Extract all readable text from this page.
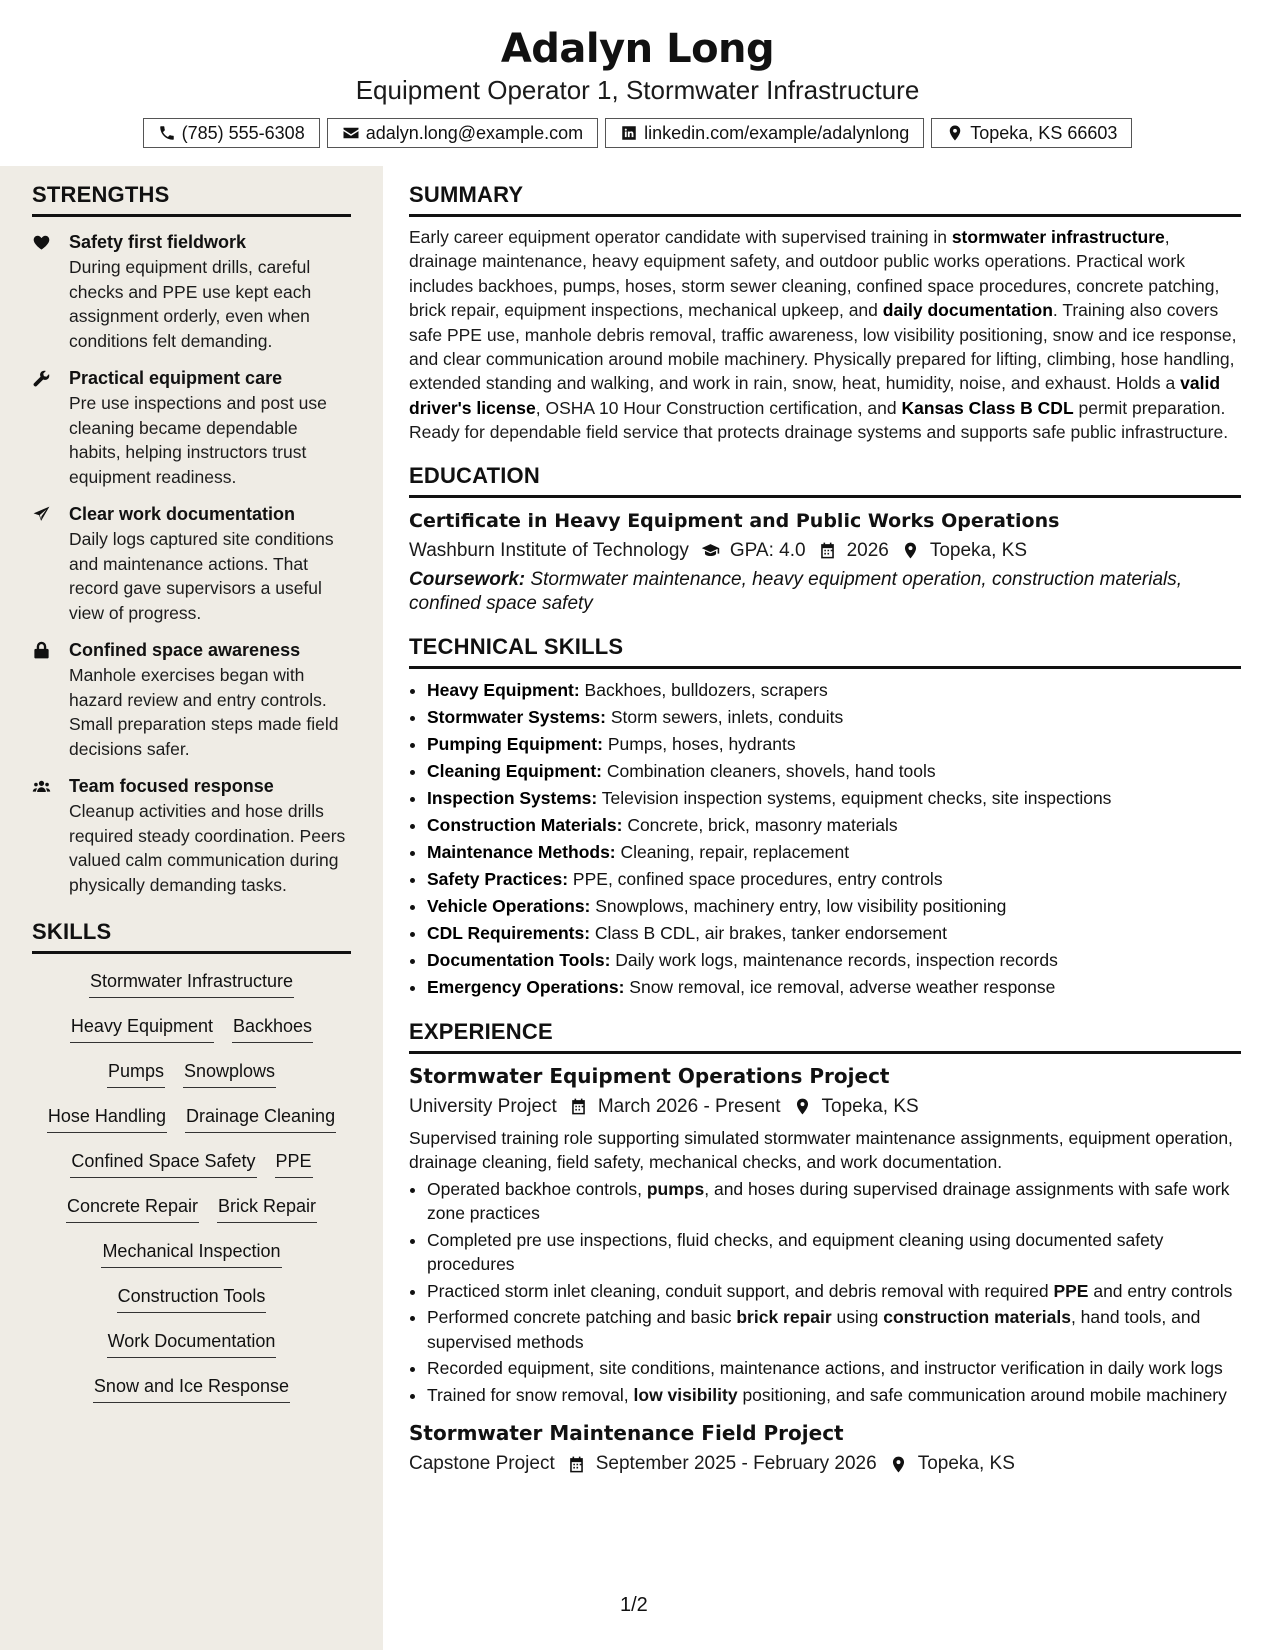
Adalyn Long
Equipment Operator 1, Stormwater Infrastructure
(785) 555-6308	adalyn.long@example.com	linkedin.com/example/adalynlong	Topeka, KS 66603
STRENGTHS
Safety first fieldwork
During equipment drills, careful checks and PPE use kept each assignment orderly, even when conditions felt demanding.
Practical equipment care
Pre use inspections and post use cleaning became dependable habits, helping instructors trust equipment readiness.
Clear work documentation
Daily logs captured site conditions and maintenance actions. That record gave supervisors a useful view of progress.
Confined space awareness
Manhole exercises began with hazard review and entry controls. Small preparation steps made field decisions safer.
Team focused response
Cleanup activities and hose drills required steady coordination. Peers valued calm communication during physically demanding tasks.
SKILLS
Stormwater Infrastructure
Heavy Equipment Backhoes
Pumps Snowplows
Hose Handling Drainage Cleaning
Confined Space Safety PPE
Concrete Repair Brick Repair
Mechanical Inspection
Construction Tools
Work Documentation
Snow and Ice Response
SUMMARY
Early career equipment operator candidate with supervised training in stormwater infrastructure, drainage maintenance, heavy equipment safety, and outdoor public works operations. Practical work includes backhoes, pumps, hoses, storm sewer cleaning, confined space procedures, concrete patching, brick repair, equipment inspections, mechanical upkeep, and daily documentation. Training also covers safe PPE use, manhole debris removal, traffic awareness, low visibility positioning, snow and ice response, and clear communication around mobile machinery. Physically prepared for lifting, climbing, hose handling, extended standing and walking, and work in rain, snow, heat, humidity, noise, and exhaust. Holds a valid driver's license, OSHA 10 Hour Construction certification, and Kansas Class B CDL permit preparation. Ready for dependable field service that protects drainage systems and supports safe public infrastructure.
EDUCATION
Certificate in Heavy Equipment and Public Works Operations
Washburn Institute of Technology GPA: 4.0 2026 Topeka, KS
Coursework: Stormwater maintenance, heavy equipment operation, construction materials, confined space safety
TECHNICAL SKILLS
• Heavy Equipment: Backhoes, bulldozers, scrapers
• Stormwater Systems: Storm sewers, inlets, conduits
• Pumping Equipment: Pumps, hoses, hydrants
• Cleaning Equipment: Combination cleaners, shovels, hand tools
• Inspection Systems: Television inspection systems, equipment checks, site inspections
• Construction Materials: Concrete, brick, masonry materials
• Maintenance Methods: Cleaning, repair, replacement
• Safety Practices: PPE, confined space procedures, entry controls
• Vehicle Operations: Snowplows, machinery entry, low visibility positioning
• CDL Requirements: Class B CDL, air brakes, tanker endorsement
• Documentation Tools: Daily work logs, maintenance records, inspection records
• Emergency Operations: Snow removal, ice removal, adverse weather response
EXPERIENCE
Stormwater Equipment Operations Project
University Project March 2026 - Present Topeka, KS
Supervised training role supporting simulated stormwater maintenance assignments, equipment operation, drainage cleaning, field safety, mechanical checks, and work documentation.
• Operated backhoe controls, pumps, and hoses during supervised drainage assignments with safe work zone practices
• Completed pre use inspections, fluid checks, and equipment cleaning using documented safety procedures
• Practiced storm inlet cleaning, conduit support, and debris removal with required PPE and entry controls
• Performed concrete patching and basic brick repair using construction materials, hand tools, and supervised methods
• Recorded equipment, site conditions, maintenance actions, and instructor verification in daily work logs
• Trained for snow removal, low visibility positioning, and safe communication around mobile machinery
Stormwater Maintenance Field Project
Capstone Project September 2025 - February 2026 Topeka, KS
1/2
